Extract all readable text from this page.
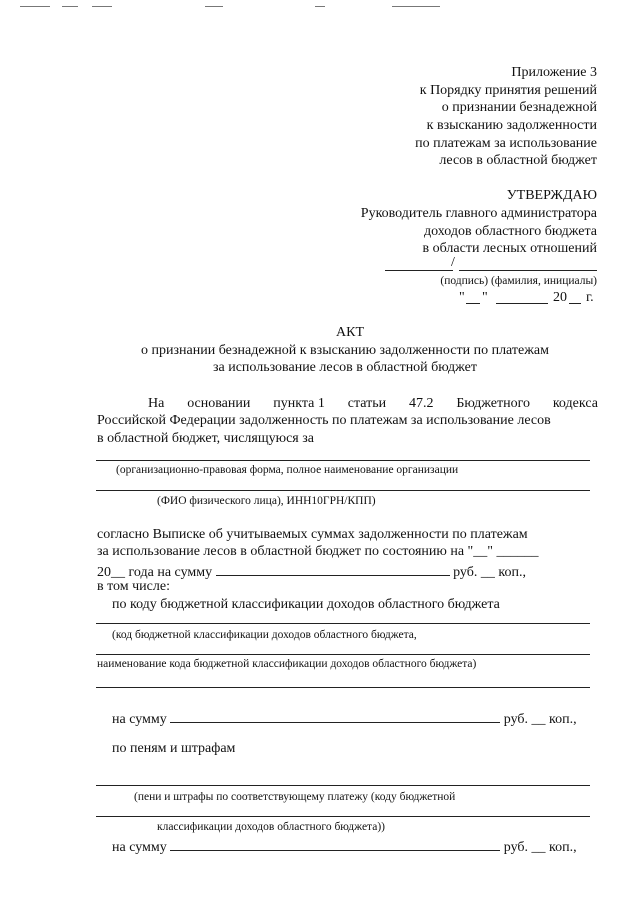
Приложение 3
к Порядку принятия решений
о признании безнадежной
к взысканию задолженности
по платежам за использование
лесов в областной бюджет
УТВЕРЖДАЮ
Руководитель главного администратора
доходов областного бюджета
в области лесных отношений
/
(подпись) (фамилия, инициалы)
" "	20 г.
АКТ
о признании безнадежной к взысканию задолженности по платежам
за использование лесов в областной бюджет
На основании пункта 1 статьи 47.2 Бюджетного кодекса
Российской Федерации задолженность по платежам за использование лесов
в областной бюджет, числящуюся за
(организационно-правовая форма, полное наименование организации
(ФИО физического лица), ИНН10ГРН/КПП)
согласно Выписке об учитываемых суммах задолженности по платежам
за использование лесов в областной бюджет по состоянию на "__" ______
20__ года на сумму	руб. __ коп.,
в том числе:
по коду бюджетной классификации доходов областного бюджета
(код бюджетной классификации доходов областного бюджета,
наименование кода бюджетной классификации доходов областного бюджета)
на сумму	руб. __ коп.,
по пеням и штрафам
(пени и штрафы по соответствующему платежу (коду бюджетной
классификации доходов областного бюджета))
на сумму	руб. __ коп.,
